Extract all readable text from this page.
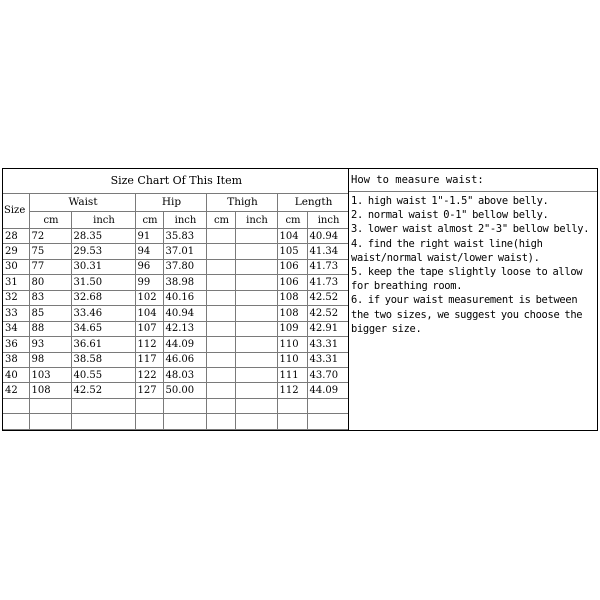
Size Chart Of This Item								
Size	Waist		Hip		Thigh		Length	
	cm	inch	cm	inch	cm	inch	cm	inch
28	72	28.35	91	35.83			104	40.94
29	75	29.53	94	37.01			105	41.34
30	77	30.31	96	37.80			106	41.73
31	80	31.50	99	38.98			106	41.73
32	83	32.68	102	40.16			108	42.52
33	85	33.46	104	40.94			108	42.52
34	88	34.65	107	42.13			109	42.91
36	93	36.61	112	44.09			110	43.31
38	98	38.58	117	46.06			110	43.31
40	103	40.55	122	48.03			111	43.70
42	108	42.52	127	50.00			112	44.09

How to measure waist:
1. high waist 1"-1.5" above belly.
2. normal waist 0-1" bellow belly.
3. lower waist almost 2"-3" bellow belly. 4. find the right waist line(high waist/normal waist/lower waist).
5. keep the tape slightly loose to allow for breathing room.
6. if your waist measurement is between the two sizes, we suggest you choose the bigger size.
